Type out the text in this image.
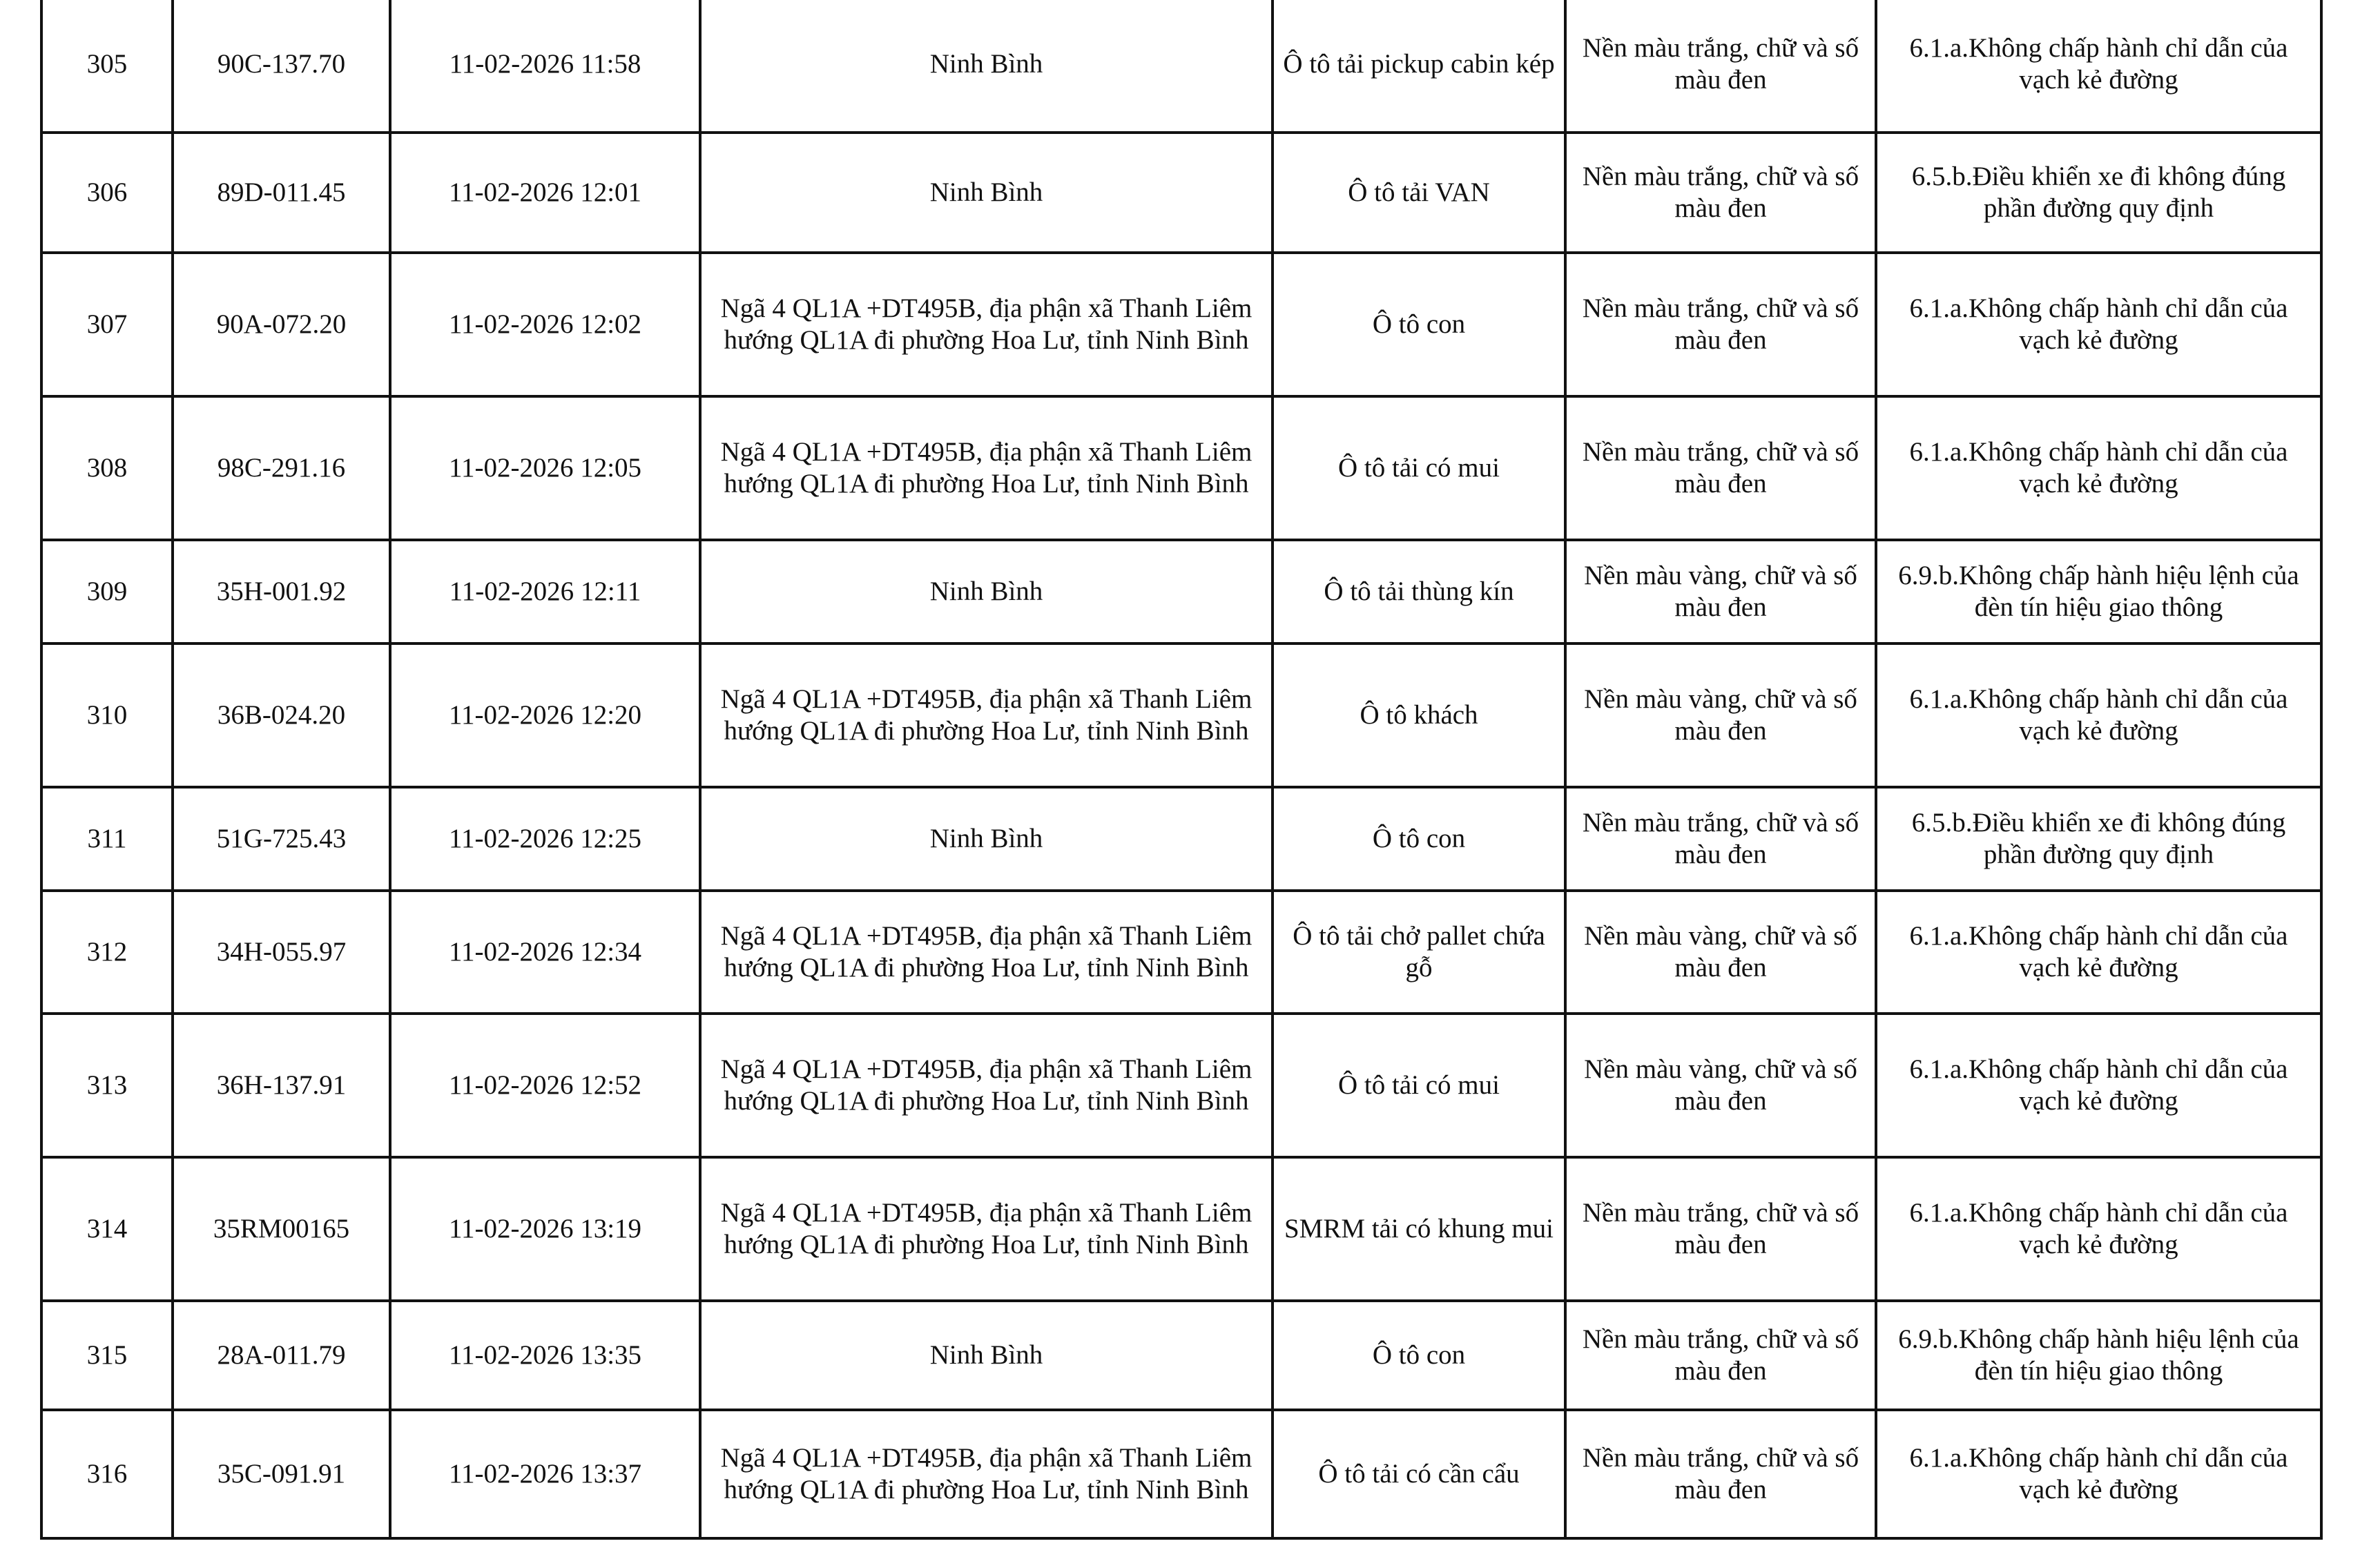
305	90C-137.70	11-02-2026 11:58	Ninh Bình	Ô tô tải pickup cabin kép	Nền màu trắng, chữ và số màu đen	6.1.a.Không chấp hành chỉ dẫn của vạch kẻ đường
306	89D-011.45	11-02-2026 12:01	Ninh Bình	Ô tô tải VAN	Nền màu trắng, chữ và số màu đen	6.5.b.Điều khiển xe đi không đúng phần đường quy định
307	90A-072.20	11-02-2026 12:02	Ngã 4 QL1A +DT495B, địa phận xã Thanh Liêm hướng QL1A đi phường Hoa Lư, tỉnh Ninh Bình	Ô tô con	Nền màu trắng, chữ và số màu đen	6.1.a.Không chấp hành chỉ dẫn của vạch kẻ đường
308	98C-291.16	11-02-2026 12:05	Ngã 4 QL1A +DT495B, địa phận xã Thanh Liêm hướng QL1A đi phường Hoa Lư, tỉnh Ninh Bình	Ô tô tải có mui	Nền màu trắng, chữ và số màu đen	6.1.a.Không chấp hành chỉ dẫn của vạch kẻ đường
309	35H-001.92	11-02-2026 12:11	Ninh Bình	Ô tô tải thùng kín	Nền màu vàng, chữ và số màu đen	6.9.b.Không chấp hành hiệu lệnh của đèn tín hiệu giao thông
310	36B-024.20	11-02-2026 12:20	Ngã 4 QL1A +DT495B, địa phận xã Thanh Liêm hướng QL1A đi phường Hoa Lư, tỉnh Ninh Bình	Ô tô khách	Nền màu vàng, chữ và số màu đen	6.1.a.Không chấp hành chỉ dẫn của vạch kẻ đường
311	51G-725.43	11-02-2026 12:25	Ninh Bình	Ô tô con	Nền màu trắng, chữ và số màu đen	6.5.b.Điều khiển xe đi không đúng phần đường quy định
312	34H-055.97	11-02-2026 12:34	Ngã 4 QL1A +DT495B, địa phận xã Thanh Liêm hướng QL1A đi phường Hoa Lư, tỉnh Ninh Bình	Ô tô tải chở pallet chứa gỗ	Nền màu vàng, chữ và số màu đen	6.1.a.Không chấp hành chỉ dẫn của vạch kẻ đường
313	36H-137.91	11-02-2026 12:52	Ngã 4 QL1A +DT495B, địa phận xã Thanh Liêm hướng QL1A đi phường Hoa Lư, tỉnh Ninh Bình	Ô tô tải có mui	Nền màu vàng, chữ và số màu đen	6.1.a.Không chấp hành chỉ dẫn của vạch kẻ đường
314	35RM00165	11-02-2026 13:19	Ngã 4 QL1A +DT495B, địa phận xã Thanh Liêm hướng QL1A đi phường Hoa Lư, tỉnh Ninh Bình	SMRM tải có khung mui	Nền màu trắng, chữ và số màu đen	6.1.a.Không chấp hành chỉ dẫn của vạch kẻ đường
315	28A-011.79	11-02-2026 13:35	Ninh Bình	Ô tô con	Nền màu trắng, chữ và số màu đen	6.9.b.Không chấp hành hiệu lệnh của đèn tín hiệu giao thông
316	35C-091.91	11-02-2026 13:37	Ngã 4 QL1A +DT495B, địa phận xã Thanh Liêm hướng QL1A đi phường Hoa Lư, tỉnh Ninh Bình	Ô tô tải có cần cẩu	Nền màu trắng, chữ và số màu đen	6.1.a.Không chấp hành chỉ dẫn của vạch kẻ đường
